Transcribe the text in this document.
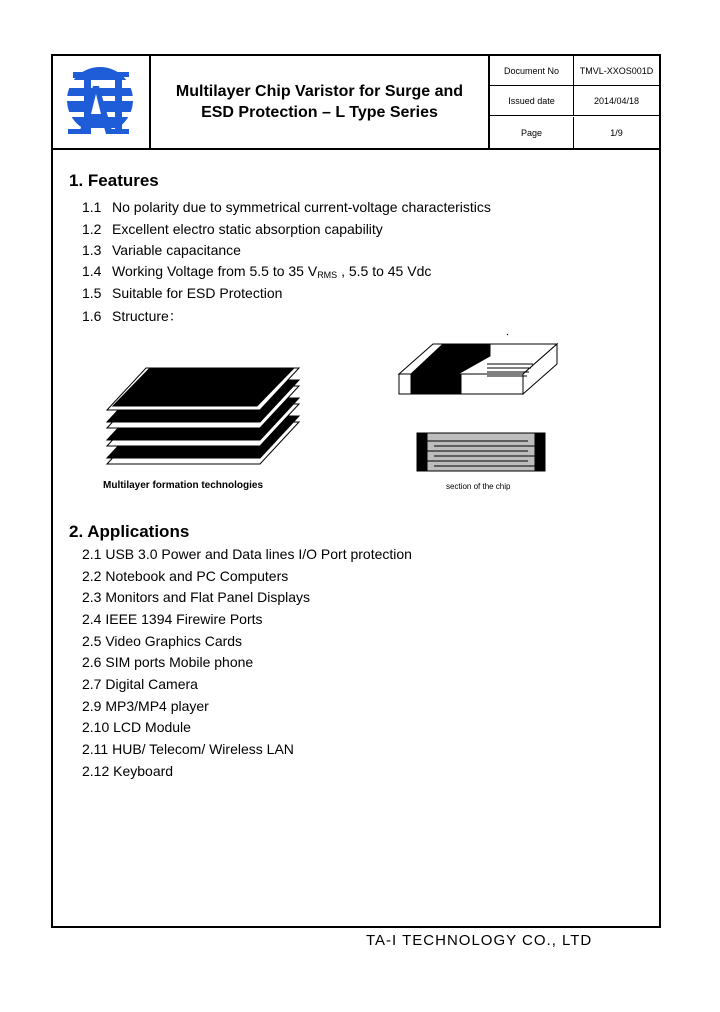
Multilayer Chip Varistor for Surge and
ESD Protection – L Type Series
Document No	TMVL-XXOS001D
Issued date	2014/04/18
Page	1/9
1. Features
1.1 No polarity due to symmetrical current-voltage characteristics
1.2 Excellent electro static absorption capability
1.3 Variable capacitance
1.4 Working Voltage from 5.5 to 35 $V_{RMS}$ , 5.5 to 45 Vdc
1.5 Suitable for ESD Protection
1.6 Structure：
Multilayer formation technologies	section of the chip
2. Applications
2.1 USB 3.0 Power and Data lines I/O Port protection
2.2 Notebook and PC Computers
2.3 Monitors and Flat Panel Displays
2.4 IEEE 1394 Firewire Ports
2.5 Video Graphics Cards
2.6 SIM ports Mobile phone
2.7 Digital Camera
2.9 MP3/MP4 player
2.10 LCD Module
2.11 HUB/ Telecom/ Wireless LAN
2.12 Keyboard
TA-I TECHNOLOGY CO., LTD
